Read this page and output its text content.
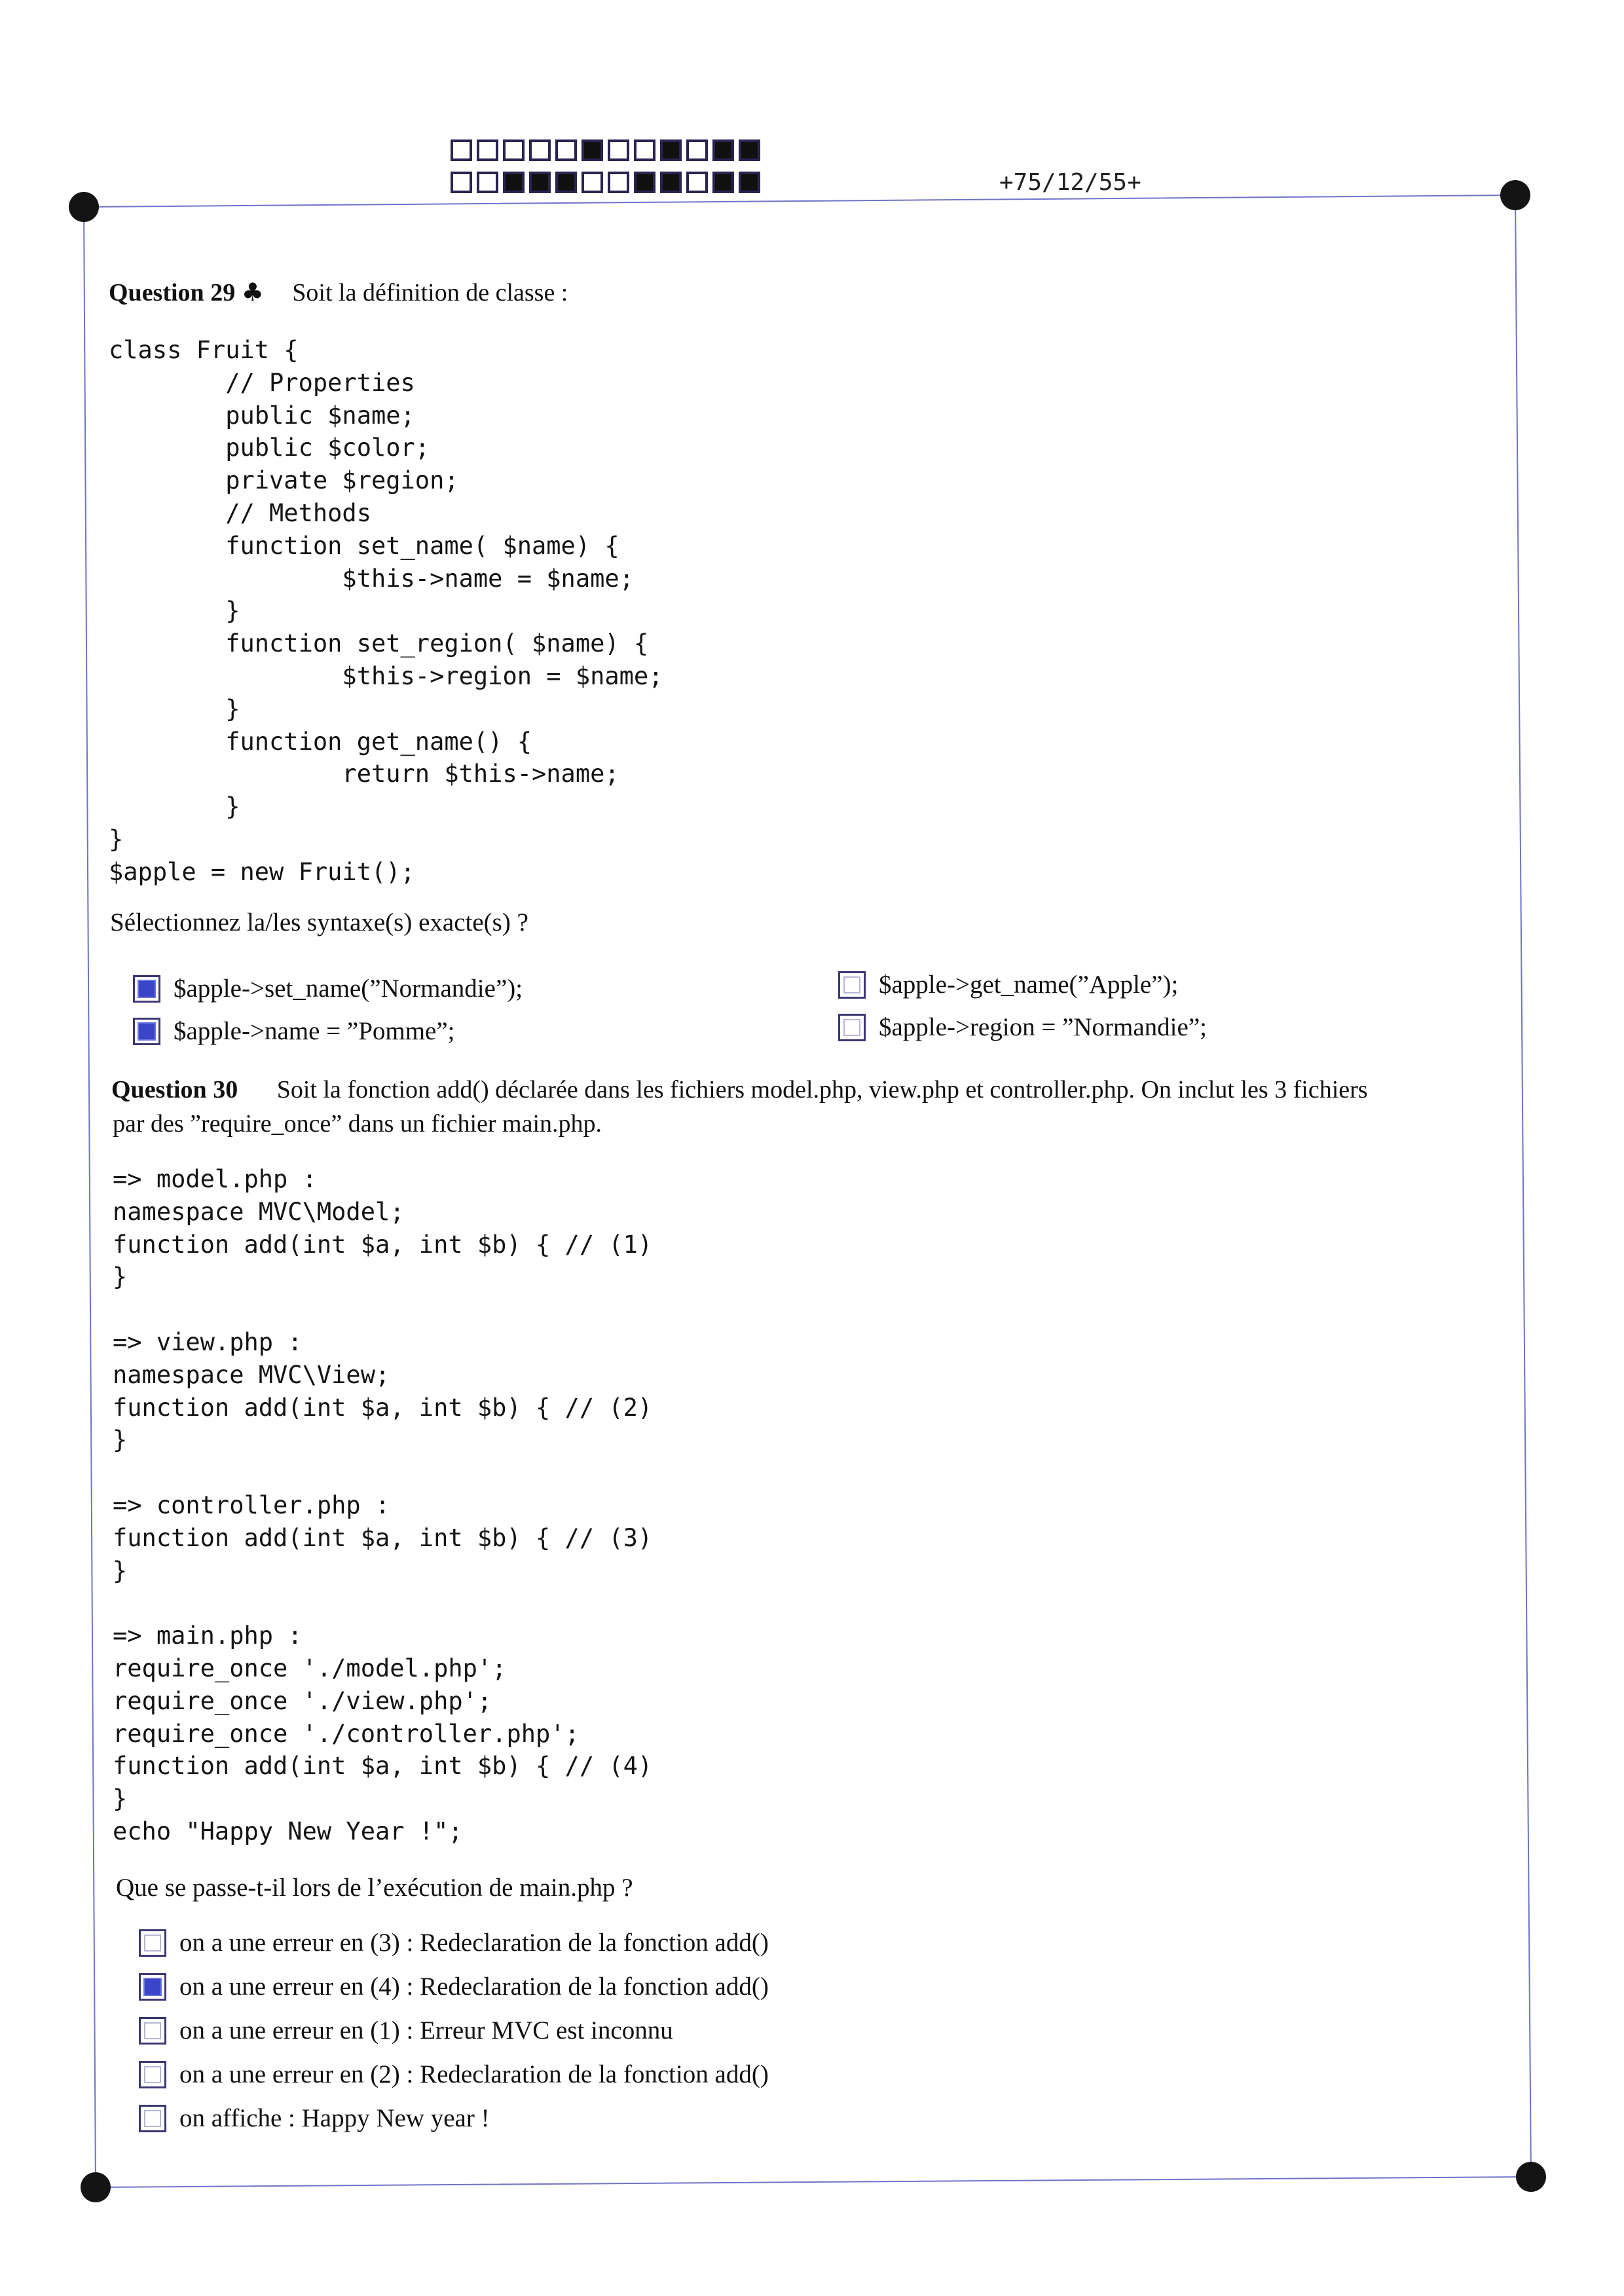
+75/12/55+
Question 29 ♣ Soit la définition de classe :
class Fruit {
// Properties
public $name;
public $color;
private $region;
// Methods
function set_name( $name) {
$this->name = $name;
}
function set_region( $name) {
$this->region = $name;
}
function get_name() {
return $this->name;
}
}
$apple = new Fruit();
Sélectionnez la/les syntaxe(s) exacte(s) ?
$apple->set_name(”Normandie”);
$apple->name = ”Pomme”;
$apple->get_name(”Apple”);
$apple->region = ”Normandie”;
Question 30 Soit la fonction add() déclarée dans les fichiers model.php, view.php et controller.php. On inclut les 3 fichiers
par des ”require_once” dans un fichier main.php.
=> model.php :
namespace MVC\Model;
function add(int $a, int $b) { // (1)
}

=> view.php :
namespace MVC\View;
function add(int $a, int $b) { // (2)
}

=> controller.php :
function add(int $a, int $b) { // (3)
}

=> main.php :
require_once './model.php';
require_once './view.php';
require_once './controller.php';
function add(int $a, int $b) { // (4)
}
echo "Happy New Year !";
Que se passe-t-il lors de l’exécution de main.php ?
on a une erreur en (3) : Redeclaration de la fonction add()
on a une erreur en (4) : Redeclaration de la fonction add()
on a une erreur en (1) : Erreur MVC est inconnu
on a une erreur en (2) : Redeclaration de la fonction add()
on affiche : Happy New year !
